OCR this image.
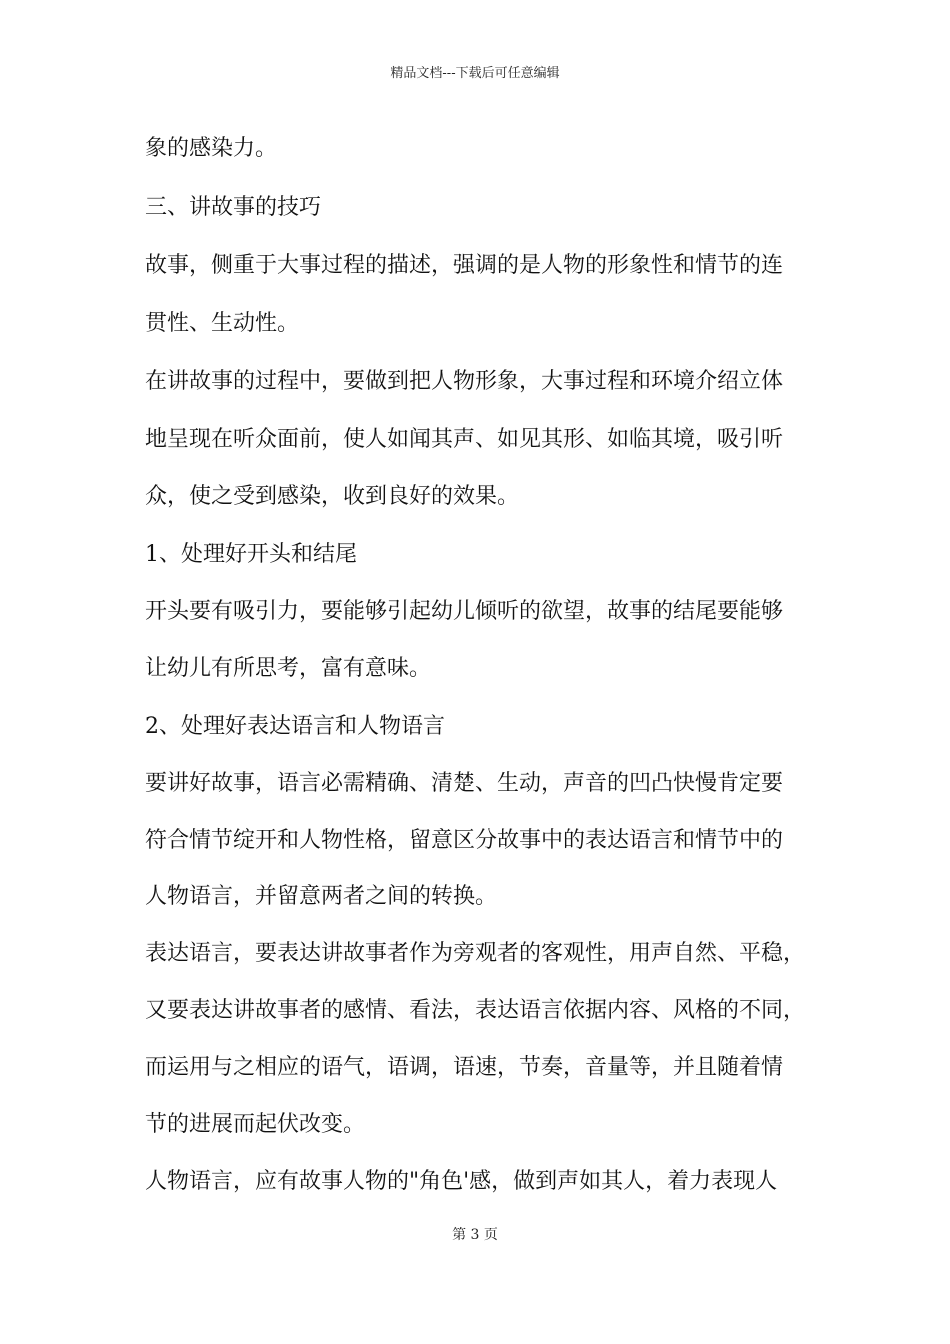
精品文档---下载后可任意编辑
象的感染力。
三、讲故事的技巧
故事，侧重于大事过程的描述，强调的是人物的形象性和情节的连
贯性、生动性。
在讲故事的过程中，要做到把人物形象，大事过程和环境介绍立体
地呈现在听众面前，使人如闻其声、如见其形、如临其境，吸引听
众，使之受到感染，收到良好的效果。
1、处理好开头和结尾
开头要有吸引力，要能够引起幼儿倾听的欲望，故事的结尾要能够
让幼儿有所思考，富有意味。
2、处理好表达语言和人物语言
要讲好故事，语言必需精确、清楚、生动，声音的凹凸快慢肯定要
符合情节绽开和人物性格，留意区分故事中的表达语言和情节中的
人物语言，并留意两者之间的转换。
表达语言，要表达讲故事者作为旁观者的客观性，用声自然、平稳，
又要表达讲故事者的感情、看法，表达语言依据内容、风格的不同，
而运用与之相应的语气，语调，语速，节奏，音量等，并且随着情
节的进展而起伏改变。
人物语言，应有故事人物的"角色'感，做到声如其人，着力表现人
第 3 页
